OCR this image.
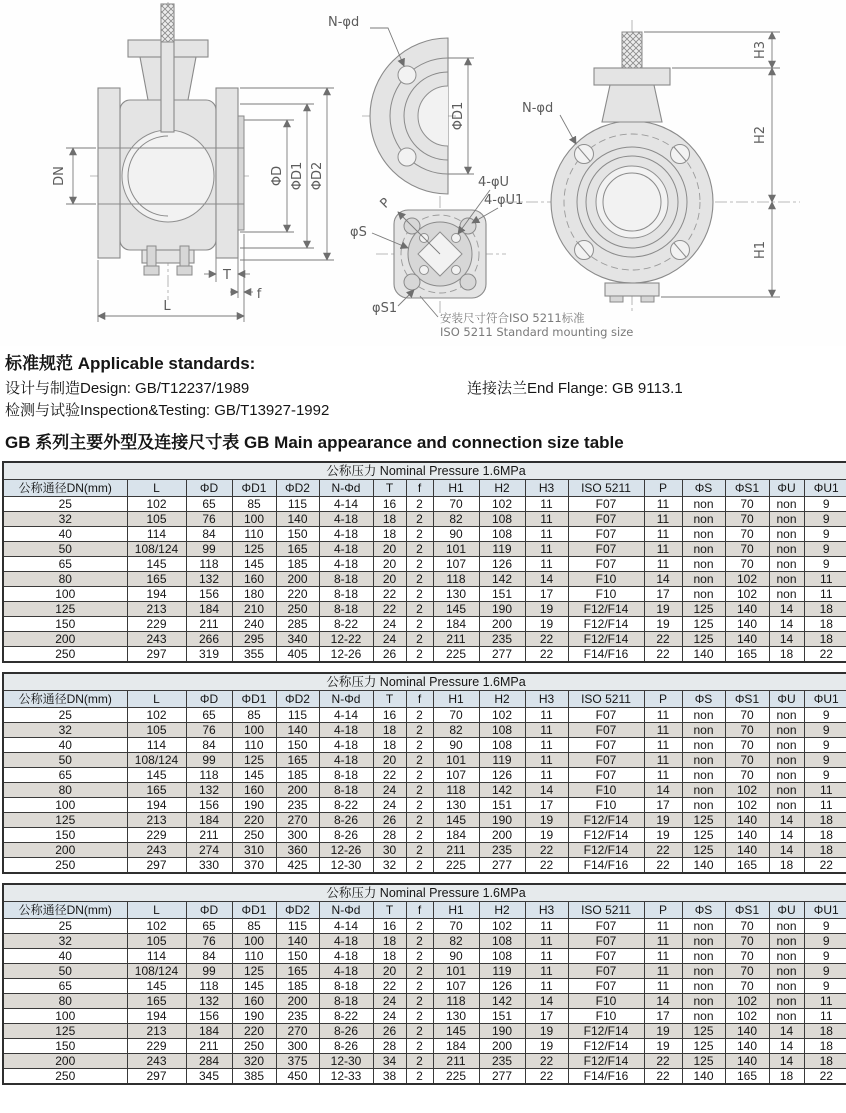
DN	ΦD ΦD1 ΦD2
L
T
f
N-φd
ΦD1
P
φS
φS1
4-φU
4-φU1
安装尺寸符合ISO 5211标准
ISO 5211 Standard mounting size
N-φd
H3
H2
H1
标准规范 Applicable standards:
设计与制造Design: GB/T12237/1989	连接法兰End Flange: GB 9113.1
检测与试验Inspection&Testing: GB/T13927-1992
GB 系列主要外型及连接尺寸表 GB Main appearance and connection size table
公称压力 Nominal Pressure 1.6MPa																
公称通径DN(mm)	L	ΦD	ΦD1	ΦD2	N-Φd	T	f	H1	H2	H3	ISO 5211	P	ΦS	ΦS1	ΦU	ΦU1
25	102	65	85	115	4-14	16	2	70	102	11	F07	11	non	70	non	9
32	105	76	100	140	4-18	18	2	82	108	11	F07	11	non	70	non	9
40	114	84	110	150	4-18	18	2	90	108	11	F07	11	non	70	non	9
50	108/124	99	125	165	4-18	20	2	101	119	11	F07	11	non	70	non	9
65	145	118	145	185	4-18	20	2	107	126	11	F07	11	non	70	non	9
80	165	132	160	200	8-18	20	2	118	142	14	F10	14	non	102	non	11
100	194	156	180	220	8-18	22	2	130	151	17	F10	17	non	102	non	11
125	213	184	210	250	8-18	22	2	145	190	19	F12/F14	19	125	140	14	18
150	229	211	240	285	8-22	24	2	184	200	19	F12/F14	19	125	140	14	18
200	243	266	295	340	12-22	24	2	211	235	22	F12/F14	22	125	140	14	18
250	297	319	355	405	12-26	26	2	225	277	22	F14/F16	22	140	165	18	22
公称压力 Nominal Pressure 1.6MPa																
公称通径DN(mm)	L	ΦD	ΦD1	ΦD2	N-Φd	T	f	H1	H2	H3	ISO 5211	P	ΦS	ΦS1	ΦU	ΦU1
25	102	65	85	115	4-14	16	2	70	102	11	F07	11	non	70	non	9
32	105	76	100	140	4-18	18	2	82	108	11	F07	11	non	70	non	9
40	114	84	110	150	4-18	18	2	90	108	11	F07	11	non	70	non	9
50	108/124	99	125	165	4-18	20	2	101	119	11	F07	11	non	70	non	9
65	145	118	145	185	8-18	22	2	107	126	11	F07	11	non	70	non	9
80	165	132	160	200	8-18	24	2	118	142	14	F10	14	non	102	non	11
100	194	156	190	235	8-22	24	2	130	151	17	F10	17	non	102	non	11
125	213	184	220	270	8-26	26	2	145	190	19	F12/F14	19	125	140	14	18
150	229	211	250	300	8-26	28	2	184	200	19	F12/F14	19	125	140	14	18
200	243	274	310	360	12-26	30	2	211	235	22	F12/F14	22	125	140	14	18
250	297	330	370	425	12-30	32	2	225	277	22	F14/F16	22	140	165	18	22
公称压力 Nominal Pressure 1.6MPa																
公称通径DN(mm)	L	ΦD	ΦD1	ΦD2	N-Φd	T	f	H1	H2	H3	ISO 5211	P	ΦS	ΦS1	ΦU	ΦU1
25	102	65	85	115	4-14	16	2	70	102	11	F07	11	non	70	non	9
32	105	76	100	140	4-18	18	2	82	108	11	F07	11	non	70	non	9
40	114	84	110	150	4-18	18	2	90	108	11	F07	11	non	70	non	9
50	108/124	99	125	165	4-18	20	2	101	119	11	F07	11	non	70	non	9
65	145	118	145	185	8-18	22	2	107	126	11	F07	11	non	70	non	9
80	165	132	160	200	8-18	24	2	118	142	14	F10	14	non	102	non	11
100	194	156	190	235	8-22	24	2	130	151	17	F10	17	non	102	non	11
125	213	184	220	270	8-26	26	2	145	190	19	F12/F14	19	125	140	14	18
150	229	211	250	300	8-26	28	2	184	200	19	F12/F14	19	125	140	14	18
200	243	284	320	375	12-30	34	2	211	235	22	F12/F14	22	125	140	14	18
250	297	345	385	450	12-33	38	2	225	277	22	F14/F16	22	140	165	18	22
